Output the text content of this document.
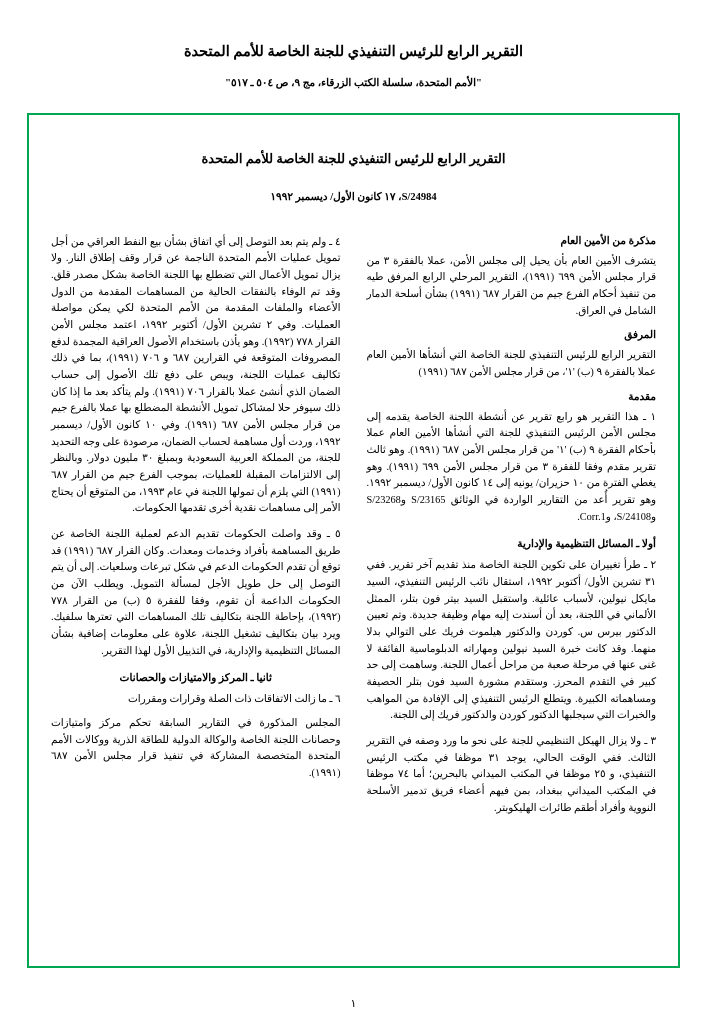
التقرير الرابع للرئيس التنفيذي للجنة الخاصة للأمم المتحدة
"الأمم المتحدة، سلسلة الكتب الزرقاء، مج ٩، ص ٥٠٤ ـ ٥١٧"
التقرير الرابع للرئيس التنفيذي للجنة الخاصة للأمم المتحدة
S/24984، ١٧ كانون الأول/ ديسمبر ١٩٩٢
مذكرة من الأمين العام

يتشرف الأمين العام بأن يحيل إلى مجلس الأمن، عملا بالفقرة ٣ من قرار مجلس الأمن ٦٩٩ (١٩٩١)، التقرير المرحلي الرابع المرفق طيه من تنفيذ أحكام الفرع جيم من القرار ٦٨٧ (١٩٩١) بشأن أسلحة الدمار الشامل في العراق.

المرفق

التقرير الرابع للرئيس التنفيذي للجنة الخاصة التي أنشأها الأمين العام عملا بالفقرة ٩ (ب) '١'، من قرار مجلس الأمن ٦٨٧ (١٩٩١)

مقدمة

١ ـ هذا التقرير هو رابع تقرير عن أنشطة اللجنة الخاصة يقدمه إلى مجلس الأمن الرئيس التنفيذي للجنة التي أنشأها الأمين العام عملا بأحكام الفقرة ٩ (ب) '١' من قرار مجلس الأمن ٦٨٧ (١٩٩١). وهو ثالث تقرير مقدم وفقا للفقرة ٣ من قرار مجلس الأمن ٦٩٩ (١٩٩١). وهو يغطي الفترة من ١٠ حزيران/ يونيه إلى ١٤ كانون الأول/ ديسمبر ١٩٩٢. وهو تقرير أُعد من التقارير الواردة في الوثائق S/23165 وS/23268 وS/24108، وCorr.1.

أولا ـ المسائل التنظيمية والإدارية

٢ ـ طرأ تغييران على تكوين اللجنة الخاصة منذ تقديم آخر تقرير. ففي ٣١ تشرين الأول/ أكتوبر ١٩٩٢، استقال نائب الرئيس التنفيذي، السيد مايكل نيولين، لأسباب عائلية. واستقبل السيد بيتر فون بتلر، الممثل الألماني في اللجنة، بعد أن أسندت إليه مهام وظيفة جديدة. وتم تعيين الدكتور بيرس س. كوردن والدكتور هيلموت فريك على التوالي بدلا منهما. وقد كانت خبرة السيد نيولين ومهاراته الدبلوماسية الفائقة لا غنى عنها في مرحلة صعبة من مراحل أعمال اللجنة. وساهمت إلى حد كبير في التقدم المحرز. وستقدم مشورة السيد فون بتلر الحصيفة ومساهماته الكبيرة. ويتطلع الرئيس التنفيذي إلى الإفادة من المواهب والخبرات التي سيجلبها الدكتور كوردن والدكتور فريك إلى اللجنة.

٣ ـ ولا يزال الهيكل التنظيمي للجنة على نحو ما ورد وصفه في التقرير الثالث. ففي الوقت الحالي، يوجد ٣١ موظفا في مكتب الرئيس التنفيذي، و ٢٥ موظفا في المكتب الميداني بالبحرين؛ أما ٧٤ موظفا في المكتب الميداني ببغداد، بمن فيهم أعضاء فريق تدمير الأسلحة النووية وأفراد أطقم طائرات الهليكوبتر.

٤ ـ ولم يتم بعد التوصل إلى أي اتفاق بشأن بيع النفط العراقي من أجل تمويل عمليات الأمم المتحدة الناجمة عن قرار وقف إطلاق النار. ولا يزال تمويل الأعمال التي تضطلع بها اللجنة الخاصة بشكل مصدر قلق. وقد تم الوفاء بالنفقات الحالية من المساهمات المقدمة من الدول الأعضاء والملفات المقدمة من الأمم المتحدة لكي يمكن مواصلة العمليات. وفي ٢ تشرين الأول/ أكتوبر ١٩٩٢، اعتمد مجلس الأمن القرار ٧٧٨ (١٩٩٢). وهو يأذن باستخدام الأصول العراقية المجمدة لدفع المصروفات المتوقعة في القرارين ٦٨٧ و ٧٠٦ (١٩٩١)، بما في ذلك تكاليف عمليات اللجنة، ويبص على دفع تلك الأصول إلى حساب الضمان الذي أنشئ عملا بالقرار ٧٠٦ (١٩٩١). ولم يتأكد بعد ما إذا كان ذلك سيوفر حلا لمشاكل تمويل الأنشطة المضطلع بها عملا بالفرع جيم من قرار مجلس الأمن ٦٨٧ (١٩٩١). وفي ١٠ كانون الأول/ ديسمبر ١٩٩٢، وردت أول مساهمة لحساب الضمان، مرصودة على وجه التحديد للجنة، من المملكة العربية السعودية وبمبلغ ٣٠ مليون دولار. وبالنظر إلى الالتزامات المقبلة للعمليات، بموجب الفرع جيم من القرار ٦٨٧ (١٩٩١) التي يلزم أن تمولها اللجنة في عام ١٩٩٣، من المتوقع أن يحتاج الأمر إلى مساهمات نقدية أخرى تقدمها الحكومات.

٥ ـ وقد واصلت الحكومات تقديم الدعم لعملية اللجنة الخاصة عن طريق المساهمة بأفراد وخدمات ومعدات. وكان القرار ٦٨٧ (١٩٩١) قد توقع أن تقدم الحكومات الدعم في شكل تبرعات وسلعيات. إلى أن يتم التوصل إلى حل طويل الأجل لمسألة التمويل. ويطلب الآن من الحكومات الداعمة أن تقوم، وفقا للفقرة ٥ (ب) من القرار ٧٧٨ (١٩٩٢)، بإحاطة اللجنة بتكاليف تلك المساهمات التي تعترها سلفيك. ويرد بيان بتكاليف تشغيل اللجنة، علاوة على معلومات إضافية بشأن المسائل التنظيمية والإدارية، في التذييل الأول لهذا التقرير.

ثانيا ـ المركز والامتيازات والحصانات

٦ ـ ما زالت الاتفاقات ذات الصلة وقرارات ومقررات

المجلس المذكورة في التقارير السابقة تحكم مركز وامتيازات وحصانات اللجنة الخاصة والوكالة الدولية للطاقة الذرية ووكالات الأمم المتحدة المتخصصة المشاركة في تنفيذ قرار مجلس الأمن ٦٨٧ (١٩٩١).

١
